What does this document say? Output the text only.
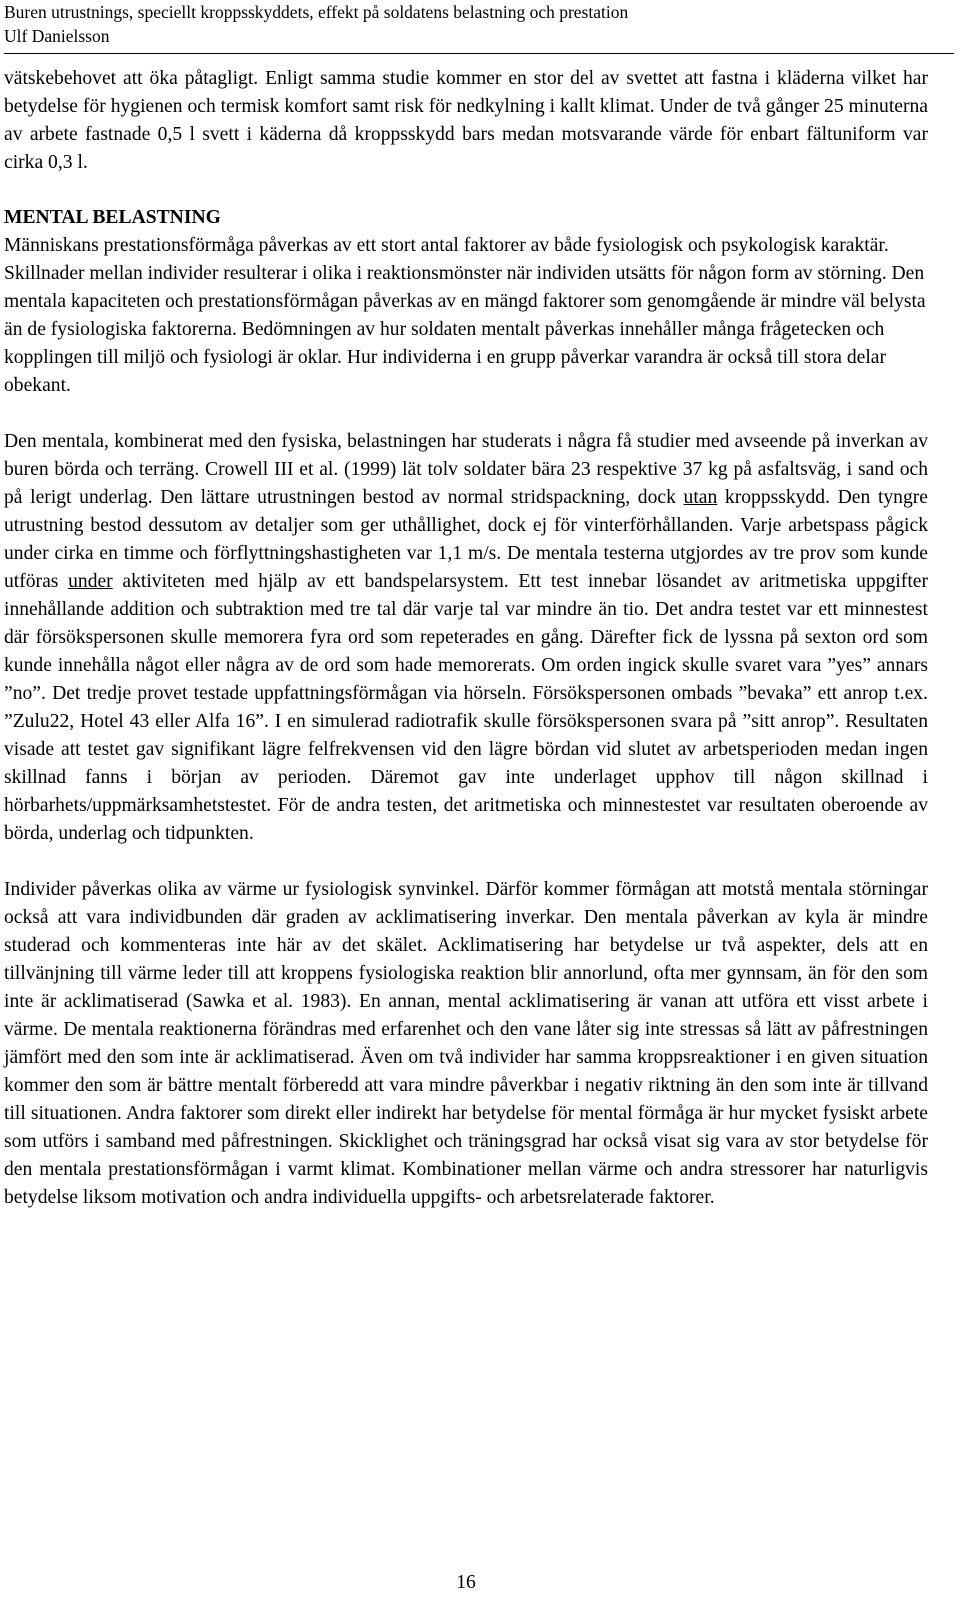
Buren utrustnings, speciellt kroppsskyddets, effekt på soldatens belastning och prestation
Ulf Danielsson

vätskebehovet att öka påtagligt. Enligt samma studie kommer en stor del av svettet att fastna i kläderna vilket har betydelse för hygienen och termisk komfort samt risk för nedkylning i kallt klimat. Under de två gånger 25 minuterna av arbete fastnade 0,5 l svett i käderna då kroppsskydd bars medan motsvarande värde för enbart fältuniform var cirka 0,3 l.

MENTAL BELASTNING

Människans prestationsförmåga påverkas av ett stort antal faktorer av både fysiologisk och psykologisk karaktär. Skillnader mellan individer resulterar i olika i reaktionsmönster när individen utsätts för någon form av störning. Den mentala kapaciteten och prestationsförmågan påverkas av en mängd faktorer som genomgående är mindre väl belysta än de fysiologiska faktorerna. Bedömningen av hur soldaten mentalt påverkas innehåller många frågetecken och kopplingen till miljö och fysiologi är oklar. Hur individerna i en grupp påverkar varandra är också till stora delar obekant.

Den mentala, kombinerat med den fysiska, belastningen har studerats i några få studier med avseende på inverkan av buren börda och terräng. Crowell III et al. (1999) lät tolv soldater bära 23 respektive 37 kg på asfaltsväg, i sand och på lerigt underlag. Den lättare utrustningen bestod av normal stridspackning, dock utan kroppsskydd. Den tyngre utrustning bestod dessutom av detaljer som ger uthållighet, dock ej för vinterförhållanden. Varje arbetspass pågick under cirka en timme och förflyttningshastigheten var 1,1 m/s. De mentala testerna utgjordes av tre prov som kunde utföras under aktiviteten med hjälp av ett bandspelarsystem. Ett test innebar lösandet av aritmetiska uppgifter innehållande addition och subtraktion med tre tal där varje tal var mindre än tio. Det andra testet var ett minnestest där försökspersonen skulle memorera fyra ord som repeterades en gång. Därefter fick de lyssna på sexton ord som kunde innehålla något eller några av de ord som hade memorerats. Om orden ingick skulle svaret vara ”yes” annars ”no”. Det tredje provet testade uppfattningsförmågan via hörseln. Försökspersonen ombads ”bevaka” ett anrop t.ex. ”Zulu22, Hotel 43 eller Alfa 16”. I en simulerad radiotrafik skulle försökspersonen svara på ”sitt anrop”. Resultaten visade att testet gav signifikant lägre felfrekvensen vid den lägre bördan vid slutet av arbetsperioden medan ingen skillnad fanns i början av perioden. Däremot gav inte underlaget upphov till någon skillnad i hörbarhets/uppmärksamhetstestet. För de andra testen, det aritmetiska och minnestestet var resultaten oberoende av börda, underlag och tidpunkten.

Individer påverkas olika av värme ur fysiologisk synvinkel. Därför kommer förmågan att motstå mentala störningar också att vara individbunden där graden av acklimatisering inverkar. Den mentala påverkan av kyla är mindre studerad och kommenteras inte här av det skälet. Acklimatisering har betydelse ur två aspekter, dels att en tillvänjning till värme leder till att kroppens fysiologiska reaktion blir annorlund, ofta mer gynnsam, än för den som inte är acklimatiserad (Sawka et al. 1983). En annan, mental acklimatisering är vanan att utföra ett visst arbete i värme. De mentala reaktionerna förändras med erfarenhet och den vane låter sig inte stressas så lätt av påfrestningen jämfört med den som inte är acklimatiserad. Även om två individer har samma kroppsreaktioner i en given situation kommer den som är bättre mentalt förberedd att vara mindre påverkbar i negativ riktning än den som inte är tillvand till situationen. Andra faktorer som direkt eller indirekt har betydelse för mental förmåga är hur mycket fysiskt arbete som utförs i samband med påfrestningen. Skicklighet och träningsgrad har också visat sig vara av stor betydelse för den mentala prestationsförmågan i varmt klimat. Kombinationer mellan värme och andra stressorer har naturligvis betydelse liksom motivation och andra individuella uppgifts- och arbetsrelaterade faktorer.

16
